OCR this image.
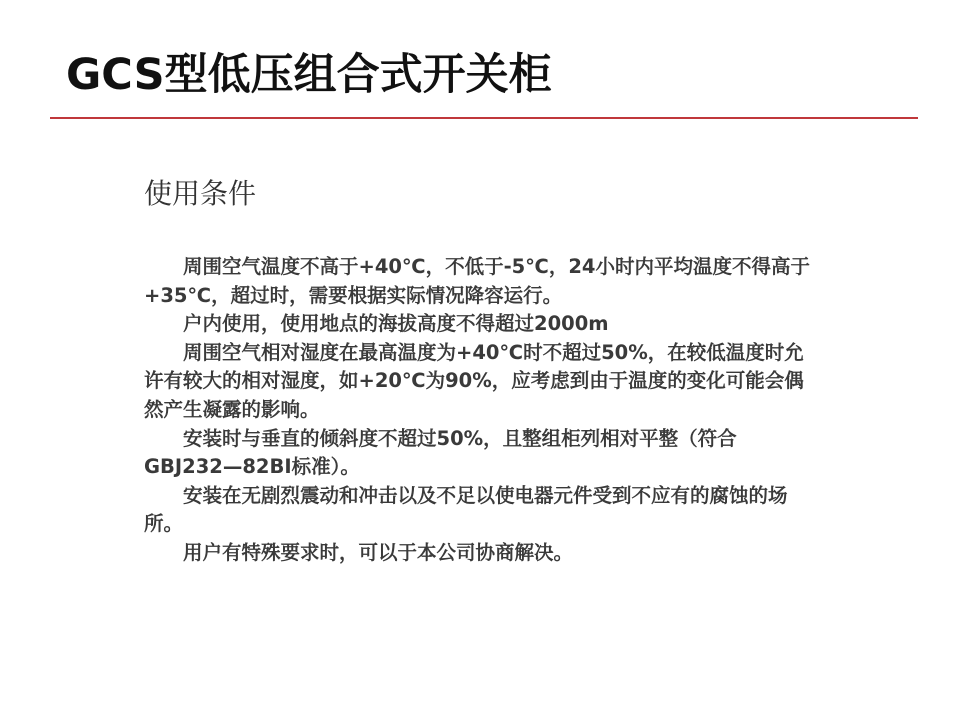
GCS型低压组合式开关柜
使用条件

周围空气温度不高于+40℃，不低于-5℃，24小时内平均温度不得高于+35℃，超过时，需要根据实际情况降容运行。

户内使用，使用地点的海拔高度不得超过2000m

周围空气相对湿度在最高温度为+40℃时不超过50%，在较低温度时允许有较大的相对湿度，如+20℃为90%，应考虑到由于温度的变化可能会偶然产生凝露的影响。

安装时与垂直的倾斜度不超过50%，且整组柜列相对平整（符合GBJ232—82BI标准）。

安装在无剧烈震动和冲击以及不足以使电器元件受到不应有的腐蚀的场所。

用户有特殊要求时，可以于本公司协商解决。
